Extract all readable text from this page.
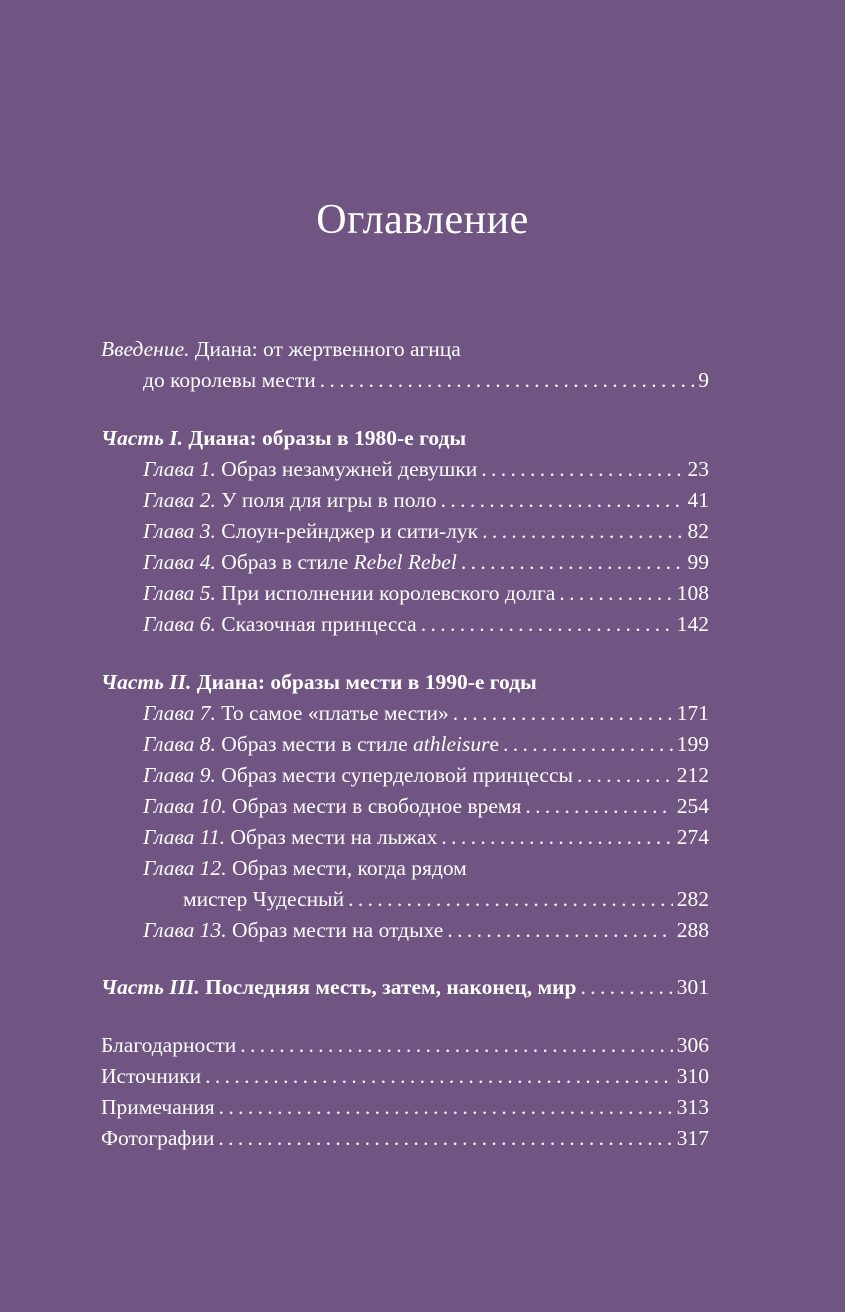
Оглавление
Введение.
Диана: от жертвенного агнца
до королевы мести . . .	9
Часть I.
Диана: образы в 1980-е годы
Глава 1.
Образ незамужней девушки . . .	23
Глава 2.
У поля для игры в поло . . .	41
Глава 3.
Слоун-рейнджер и сити-лук . . .	82
Глава 4.
Образ в стиле
Rebel Rebel . . .	99
Глава 5.
При исполнении королевского долга . . .	108
Глава 6.
Сказочная принцесса . . .	142
Часть II.
Диана: образы мести в 1990-е годы
Глава 7.
То самое «платье мести» . . .	171
Глава 8.
Образ мести в стиле
athleisur e . . .	199
Глава 9.
Образ мести суперделовой принцессы . . .	212
Глава 10.
Образ мести в свободное время . . .	254
Глава 11.
Образ мести на лыжах . . .	274
Глава 12.
Образ мести, когда рядом
мистер Чудесный . . .	282
Глава 13.
Образ мести на отдыхе . . .	288
Часть III.
Последняя месть, затем, наконец, мир . . .	301
Благодарности . . .	306
Источники . . .	310
Примечания . . .	313
Фотографии . . .	317
